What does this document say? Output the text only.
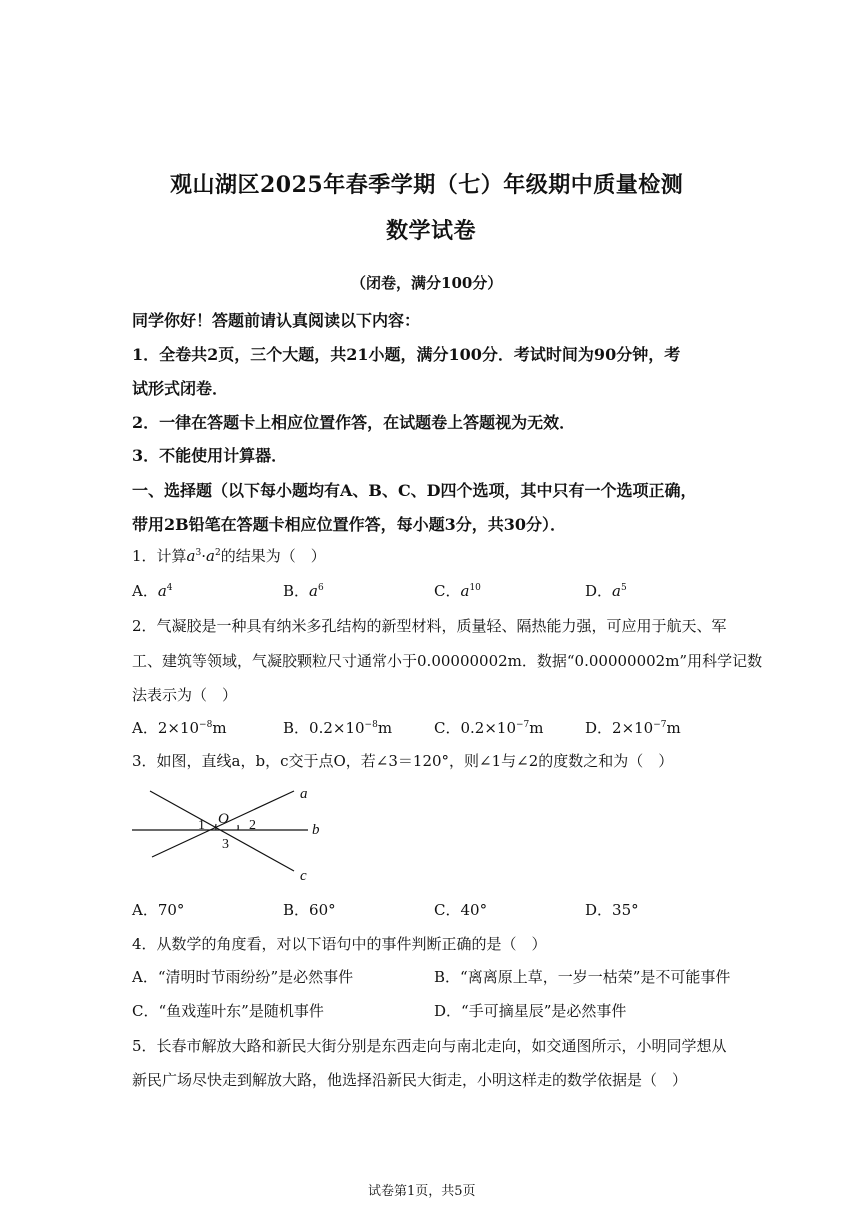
观山湖区2025年春季学期（七）年级期中质量检测
数学试卷
（闭卷，满分100分）
同学你好！答题前请认真阅读以下内容：
1．全卷共2页，三个大题，共21小题，满分100分．考试时间为90分钟，考
试形式闭卷．
2．一律在答题卡上相应位置作答，在试题卷上答题视为无效．
3．不能使用计算器．
一、选择题（以下每小题均有A、B、C、D四个选项，其中只有一个选项正确，
带用2B铅笔在答题卡相应位置作答，每小题3分，共30分）．
1．计算$a^3\cdot a^2$的结果为（　）
A．$a^4$	B．$a^6$	C．$a^{10}$	D．$a^5$
2．气凝胶是一种具有纳米多孔结构的新型材料，质量轻、隔热能力强，可应用于航天、军
工、建筑等领域，气凝胶颗粒尺寸通常小于0.00000002m．数据“0.00000002m”用科学记数
法表示为（　）
A．$2\times 10^{-8}m$	B．$0.2\times 10^{-8}m$	C．$0.2\times 10^{-7}m$	D．$2\times 10^{-7}m$
3．如图，直线a，b，c交于点O，若∠3＝120°，则∠1与∠2的度数之和为（　）
a
b
c
O
1	2
3
A．70°	B．60°	C．40°	D．35°
4．从数学的角度看，对以下语句中的事件判断正确的是（　）
A．“清明时节雨纷纷”是必然事件	B．“离离原上草，一岁一枯荣”是不可能事件
C．“鱼戏莲叶东”是随机事件	D．“手可摘星辰”是必然事件
5．长春市解放大路和新民大街分别是东西走向与南北走向，如交通图所示，小明同学想从
新民广场尽快走到解放大路，他选择沿新民大街走，小明这样走的数学依据是（　）
试卷第1页，共5页
